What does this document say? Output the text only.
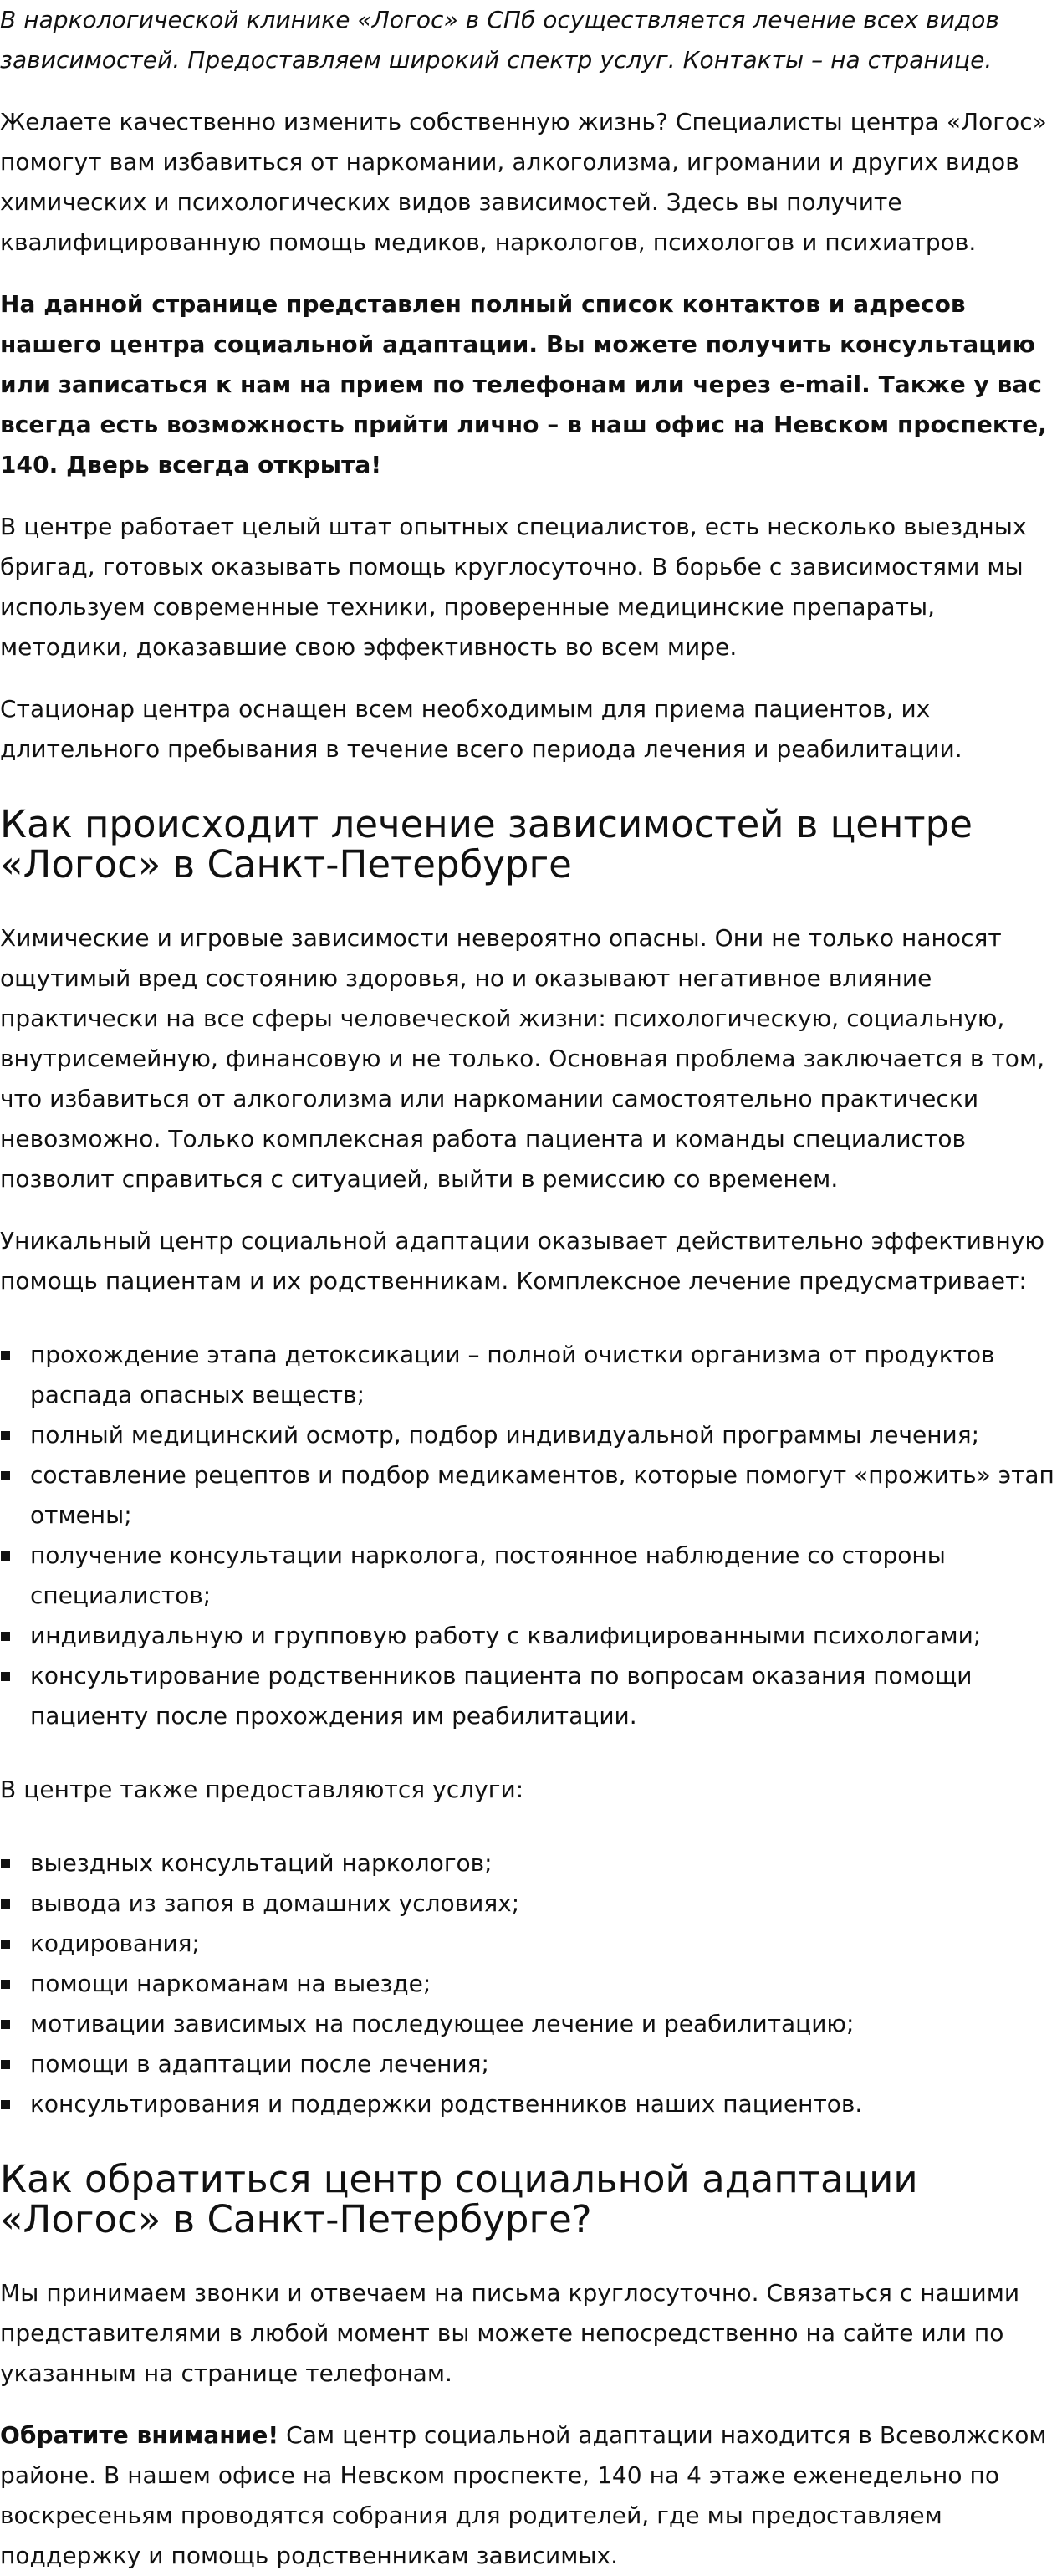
В наркологической клинике «Логос» в СПб осуществляется лечение всех видов зависимостей. Предоставляем широкий спектр услуг. Контакты – на странице.

Желаете качественно изменить собственную жизнь? Специалисты центра «Логос» помогут вам избавиться от наркомании, алкоголизма, игромании и других видов химических и психологических видов зависимостей. Здесь вы получите квалифицированную помощь медиков, наркологов, психологов и психиатров.

На данной странице представлен полный список контактов и адресов нашего центра социальной адаптации. Вы можете получить консультацию или записаться к нам на прием по телефонам или через e-mail. Также у вас всегда есть возможность прийти лично – в наш офис на Невском проспекте, 140. Дверь всегда открыта!

В центре работает целый штат опытных специалистов, есть несколько выездных бригад, готовых оказывать помощь круглосуточно. В борьбе с зависимостями мы используем современные техники, проверенные медицинские препараты, методики, доказавшие свою эффективность во всем мире.

Стационар центра оснащен всем необходимым для приема пациентов, их длительного пребывания в течение всего периода лечения и реабилитации.

Как происходит лечение зависимостей в центре «Логос» в Санкт-Петербурге

Химические и игровые зависимости невероятно опасны. Они не только наносят ощутимый вред состоянию здоровья, но и оказывают негативное влияние практически на все сферы человеческой жизни: психологическую, социальную, внутрисемейную, финансовую и не только. Основная проблема заключается в том, что избавиться от алкоголизма или наркомании самостоятельно практически невозможно. Только комплексная работа пациента и команды специалистов позволит справиться с ситуацией, выйти в ремиссию со временем.

Уникальный центр социальной адаптации оказывает действительно эффективную помощь пациентам и их родственникам. Комплексное лечение предусматривает:

прохождение этапа детоксикации – полной очистки организма от продуктов распада опасных веществ;
полный медицинский осмотр, подбор индивидуальной программы лечения;
составление рецептов и подбор медикаментов, которые помогут «прожить» этап отмены;
получение консультации нарколога, постоянное наблюдение со стороны специалистов;
индивидуальную и групповую работу с квалифицированными психологами;
консультирование родственников пациента по вопросам оказания помощи пациенту после прохождения им реабилитации.

В центре также предоставляются услуги:

выездных консультаций наркологов;
вывода из запоя в домашних условиях;
кодирования;
помощи наркоманам на выезде;
мотивации зависимых на последующее лечение и реабилитацию;
помощи в адаптации после лечения;
консультирования и поддержки родственников наших пациентов.
Как обратиться центр социальной адаптации «Логос» в Санкт-Петербурге?

Мы принимаем звонки и отвечаем на письма круглосуточно. Связаться с нашими представителями в любой момент вы можете непосредственно на сайте или по указанным на странице телефонам.

Обратите внимание! Сам центр социальной адаптации находится в Всеволжском районе. В нашем офисе на Невском проспекте, 140 на 4 этаже еженедельно по воскресеньям проводятся собрания для родителей, где мы предоставляем поддержку и помощь родственникам зависимых.
